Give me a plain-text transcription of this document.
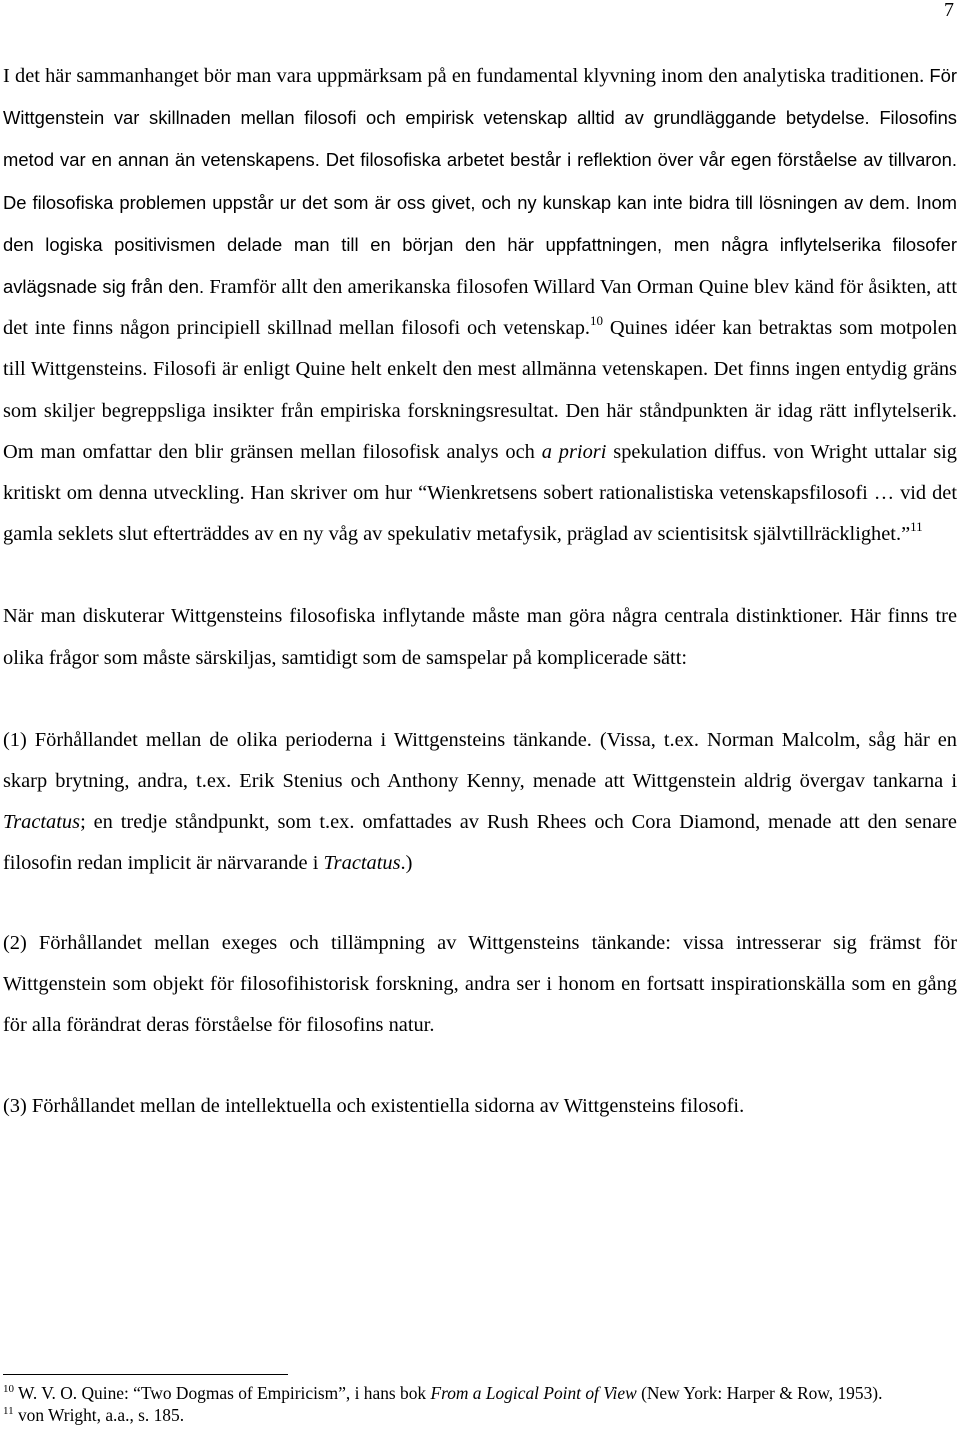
7

I det här sammanhanget bör man vara uppmärksam på en fundamental klyvning inom den analytiska traditionen. För Wittgenstein var skillnaden mellan filosofi och empirisk vetenskap alltid av grundläggande betydelse. Filosofins metod var en annan än vetenskapens. Det filosofiska arbetet består i reflektion över vår egen förståelse av tillvaron. De filosofiska problemen uppstår ur det som är oss givet, och ny kunskap kan inte bidra till lösningen av dem. Inom den logiska positivismen delade man till en början den här uppfattningen, men några inflytelserika filosofer avlägsnade sig från den. Framför allt den amerikanska filosofen Willard Van Orman Quine blev känd för åsikten, att det inte finns någon principiell skillnad mellan filosofi och vetenskap.$^{10}$ Quines idéer kan betraktas som motpolen till Wittgensteins. Filosofi är enligt Quine helt enkelt den mest allmänna vetenskapen. Det finns ingen entydig gräns som skiljer begreppsliga insikter från empiriska forskningsresultat. Den här ståndpunkten är idag rätt inflytelserik. Om man omfattar den blir gränsen mellan filosofisk analys och a priori spekulation diffus. von Wright uttalar sig kritiskt om denna utveckling. Han skriver om hur “Wienkretsens sobert rationalistiska vetenskapsfilosofi … vid det gamla seklets slut efterträddes av en ny våg av spekulativ metafysik, präglad av scientisitsk självtillräcklighet.”$^{11}$

När man diskuterar Wittgensteins filosofiska inflytande måste man göra några centrala distinktioner. Här finns tre olika frågor som måste särskiljas, samtidigt som de samspelar på komplicerade sätt:

(1) Förhållandet mellan de olika perioderna i Wittgensteins tänkande. (Vissa, t.ex. Norman Malcolm, såg här en skarp brytning, andra, t.ex. Erik Stenius och Anthony Kenny, menade att Wittgenstein aldrig övergav tankarna i Tractatus; en tredje ståndpunkt, som t.ex. omfattades av Rush Rhees och Cora Diamond, menade att den senare filosofin redan implicit är närvarande i Tractatus.)

(2) Förhållandet mellan exeges och tillämpning av Wittgensteins tänkande: vissa intresserar sig främst för Wittgenstein som objekt för filosofihistorisk forskning, andra ser i honom en fortsatt inspirationskälla som en gång för alla förändrat deras förståelse för filosofins natur.

(3) Förhållandet mellan de intellektuella och existentiella sidorna av Wittgensteins filosofi.

$^{10}$ W. V. O. Quine: “Two Dogmas of Empiricism”, i hans bok From a Logical Point of View (New York: Harper & Row, 1953).

$^{11}$ von Wright, a.a., s. 185.
